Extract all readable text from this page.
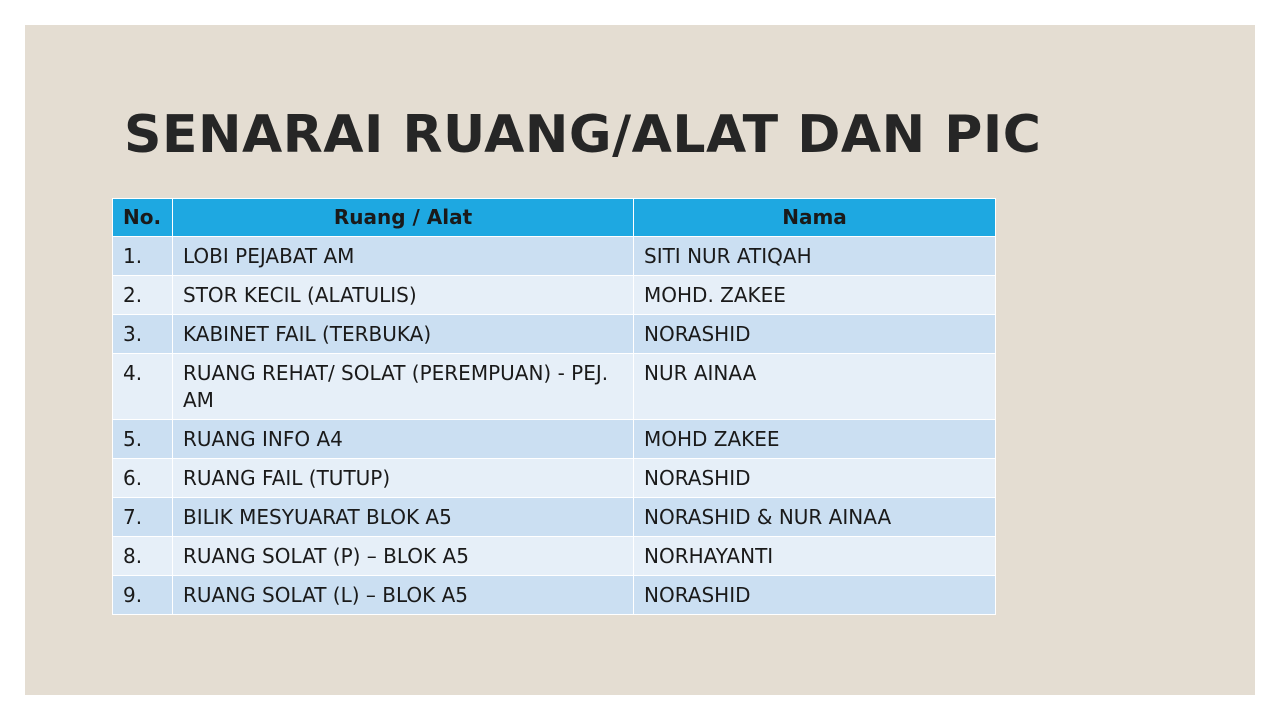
SENARAI RUANG/ALAT DAN PIC
No.	Ruang / Alat	Nama
1.	LOBI PEJABAT AM	SITI NUR ATIQAH
2.	STOR KECIL (ALATULIS)	MOHD. ZAKEE
3.	KABINET FAIL (TERBUKA)	NORASHID
4.	RUANG REHAT/ SOLAT (PEREMPUAN) - PEJ. AM	NUR AINAA
5.	RUANG INFO A4	MOHD ZAKEE
6.	RUANG FAIL (TUTUP)	NORASHID
7.	BILIK MESYUARAT BLOK A5	NORASHID & NUR AINAA
8.	RUANG SOLAT (P) – BLOK A5	NORHAYANTI
9.	RUANG SOLAT (L) – BLOK A5	NORASHID
